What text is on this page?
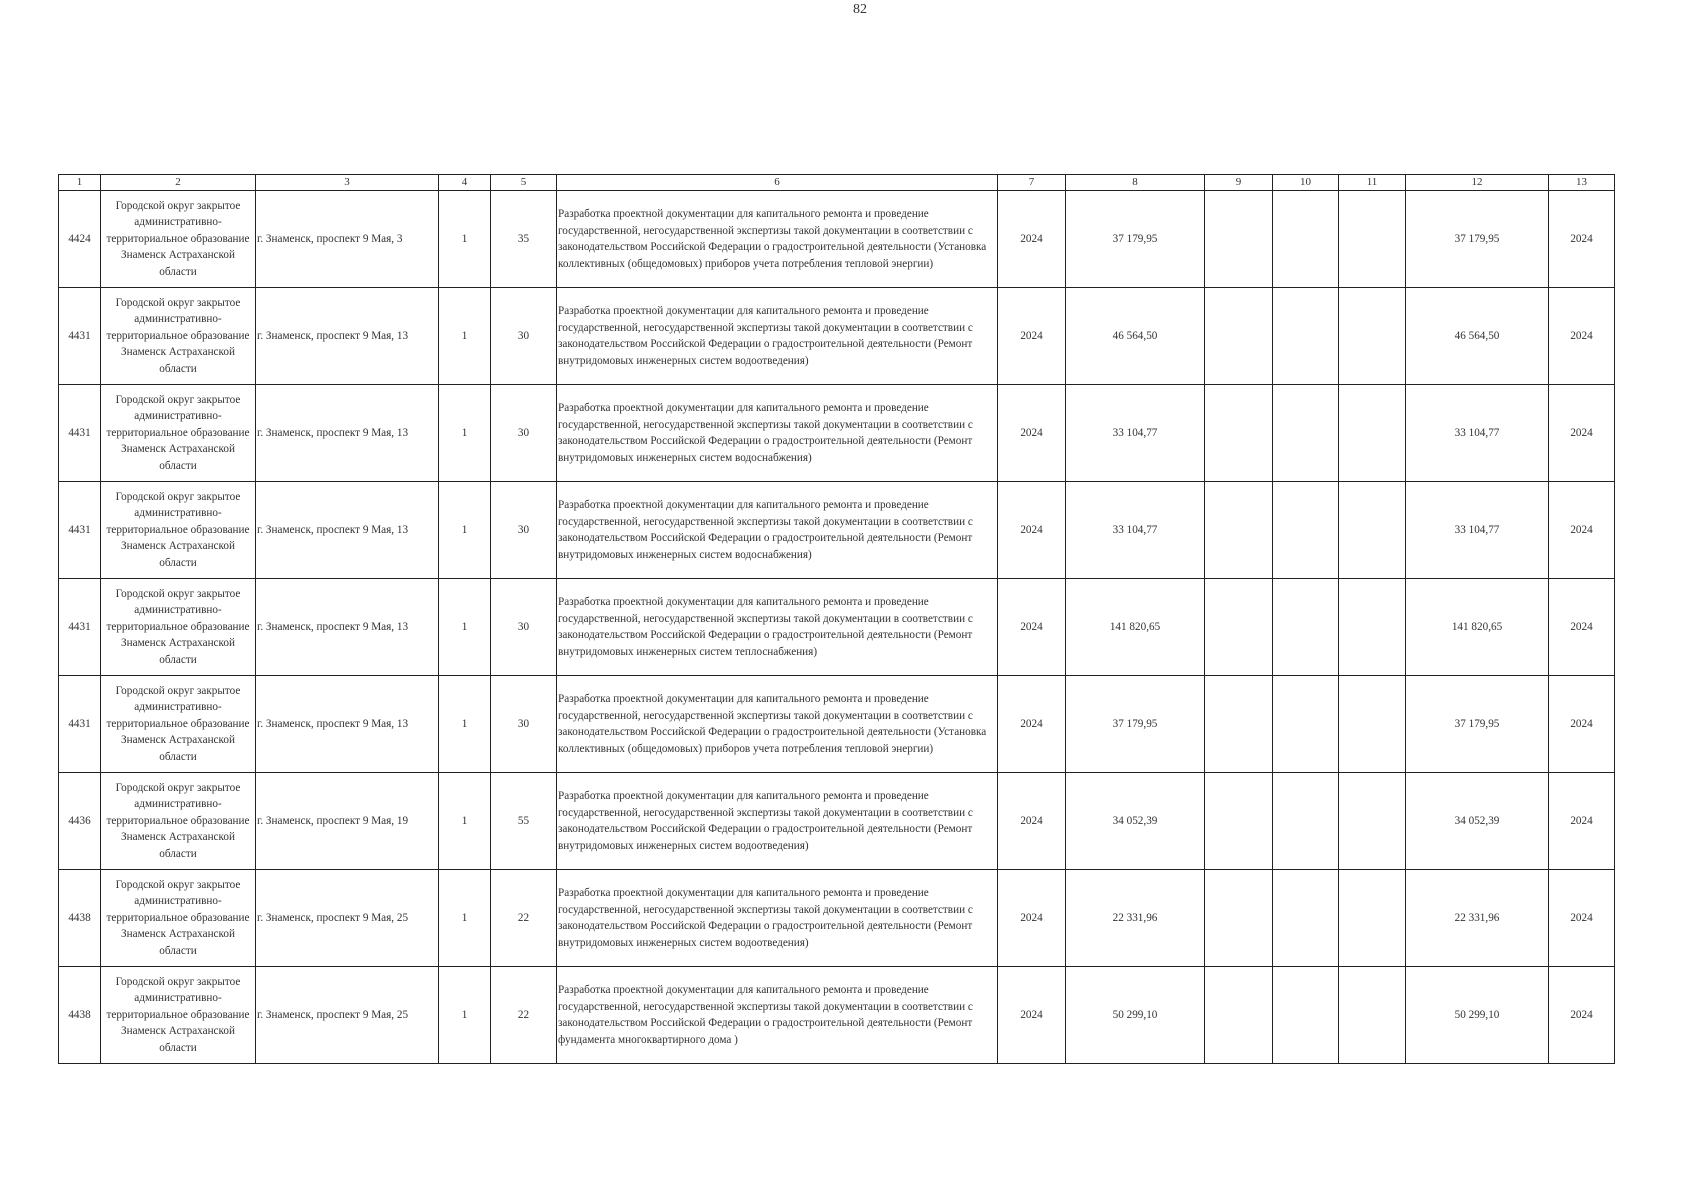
82
1	2	3	4	5	6	7	8	9	10	11	12	13
4424	Городской округ закрытое административно-территориальное образование Знаменск Астраханской области	г. Знаменск, проспект 9 Мая, 3	1	35	Разработка проектной документации для капитального ремонта и проведение государственной, негосударственной экспертизы такой документации в соответствии с законодательством Российской Федерации о градостроительной деятельности (Установка коллективных (общедомовых) приборов учета потребления тепловой энергии)	2024	37 179,95				37 179,95	2024
4431	Городской округ закрытое административно-территориальное образование Знаменск Астраханской области	г. Знаменск, проспект 9 Мая, 13	1	30	Разработка проектной документации для капитального ремонта и проведение государственной, негосударственной экспертизы такой документации в соответствии с законодательством Российской Федерации о градостроительной деятельности (Ремонт внутридомовых инженерных систем водоотведения)	2024	46 564,50				46 564,50	2024
4431	Городской округ закрытое административно-территориальное образование Знаменск Астраханской области	г. Знаменск, проспект 9 Мая, 13	1	30	Разработка проектной документации для капитального ремонта и проведение государственной, негосударственной экспертизы такой документации в соответствии с законодательством Российской Федерации о градостроительной деятельности (Ремонт внутридомовых инженерных систем водоснабжения)	2024	33 104,77				33 104,77	2024
4431	Городской округ закрытое административно-территориальное образование Знаменск Астраханской области	г. Знаменск, проспект 9 Мая, 13	1	30	Разработка проектной документации для капитального ремонта и проведение государственной, негосударственной экспертизы такой документации в соответствии с законодательством Российской Федерации о градостроительной деятельности (Ремонт внутридомовых инженерных систем водоснабжения)	2024	33 104,77				33 104,77	2024
4431	Городской округ закрытое административно-территориальное образование Знаменск Астраханской области	г. Знаменск, проспект 9 Мая, 13	1	30	Разработка проектной документации для капитального ремонта и проведение государственной, негосударственной экспертизы такой документации в соответствии с законодательством Российской Федерации о градостроительной деятельности (Ремонт внутридомовых инженерных систем теплоснабжения)	2024	141 820,65				141 820,65	2024
4431	Городской округ закрытое административно-территориальное образование Знаменск Астраханской области	г. Знаменск, проспект 9 Мая, 13	1	30	Разработка проектной документации для капитального ремонта и проведение государственной, негосударственной экспертизы такой документации в соответствии с законодательством Российской Федерации о градостроительной деятельности (Установка коллективных (общедомовых) приборов учета потребления тепловой энергии)	2024	37 179,95				37 179,95	2024
4436	Городской округ закрытое административно-территориальное образование Знаменск Астраханской области	г. Знаменск, проспект 9 Мая, 19	1	55	Разработка проектной документации для капитального ремонта и проведение государственной, негосударственной экспертизы такой документации в соответствии с законодательством Российской Федерации о градостроительной деятельности (Ремонт внутридомовых инженерных систем водоотведения)	2024	34 052,39				34 052,39	2024
4438	Городской округ закрытое административно-территориальное образование Знаменск Астраханской области	г. Знаменск, проспект 9 Мая, 25	1	22	Разработка проектной документации для капитального ремонта и проведение государственной, негосударственной экспертизы такой документации в соответствии с законодательством Российской Федерации о градостроительной деятельности (Ремонт внутридомовых инженерных систем водоотведения)	2024	22 331,96				22 331,96	2024
4438	Городской округ закрытое административно-территориальное образование Знаменск Астраханской области	г. Знаменск, проспект 9 Мая, 25	1	22	Разработка проектной документации для капитального ремонта и проведение государственной, негосударственной экспертизы такой документации в соответствии с законодательством Российской Федерации о градостроительной деятельности (Ремонт фундамента многоквартирного дома )	2024	50 299,10				50 299,10	2024
